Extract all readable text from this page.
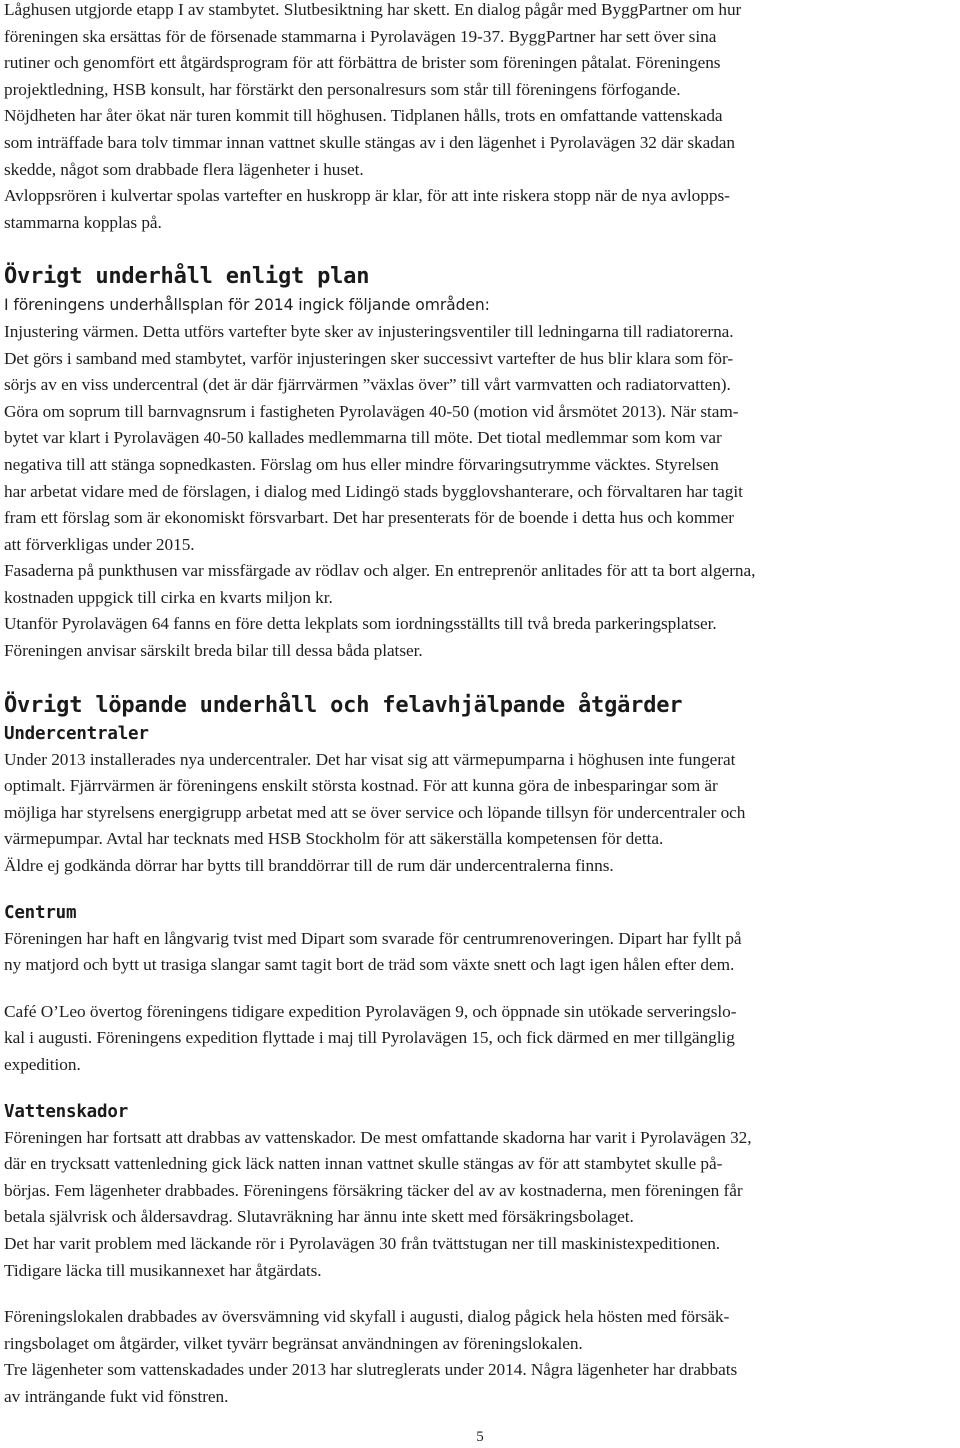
Låghusen utgjorde etapp I av stambytet. Slutbesiktning har skett. En dialog pågår med ByggPartner om hur
föreningen ska ersättas för de försenade stammarna i Pyrolavägen 19-37. ByggPartner har sett över sina
rutiner och genomfört ett åtgärdsprogram för att förbättra de brister som föreningen påtalat. Föreningens
projektledning, HSB konsult, har förstärkt den personalresurs som står till föreningens förfogande.
Nöjdheten har åter ökat när turen kommit till höghusen. Tidplanen hålls, trots en omfattande vattenskada
som inträffade bara tolv timmar innan vattnet skulle stängas av i den lägenhet i Pyrolavägen 32 där skadan
skedde, något som drabbade flera lägenheter i huset.

Avloppsrören i kulvertar spolas vartefter en huskropp är klar, för att inte riskera stopp när de nya avlopps-
stammarna kopplas på.

Övrigt underhåll enligt plan

I föreningens underhållsplan för 2014 ingick följande områden:

Injustering värmen. Detta utförs vartefter byte sker av injusteringsventiler till ledningarna till radiatorerna.
Det görs i samband med stambytet, varför injusteringen sker successivt vartefter de hus blir klara som för-
sörjs av en viss undercentral (det är där fjärrvärmen ”växlas över” till vårt varmvatten och radiatorvatten).
Göra om soprum till barnvagnsrum i fastigheten Pyrolavägen 40-50 (motion vid årsmötet 2013). När stam-
bytet var klart i Pyrolavägen 40-50 kallades medlemmarna till möte. Det tiotal medlemmar som kom var
negativa till att stänga sopnedkasten. Förslag om hus eller mindre förvaringsutrymme väcktes. Styrelsen
har arbetat vidare med de förslagen, i dialog med Lidingö stads bygglovshanterare, och förvaltaren har tagit
fram ett förslag som är ekonomiskt försvarbart. Det har presenterats för de boende i detta hus och kommer
att förverkligas under 2015.

Fasaderna på punkthusen var missfärgade av rödlav och alger. En entreprenör anlitades för att ta bort algerna,
kostnaden uppgick till cirka en kvarts miljon kr.

Utanför Pyrolavägen 64 fanns en före detta lekplats som iordningsställts till två breda parkeringsplatser.
Föreningen anvisar särskilt breda bilar till dessa båda platser.

Övrigt löpande underhåll och felavhjälpande åtgärder
Undercentraler

Under 2013 installerades nya undercentraler. Det har visat sig att värmepumparna i höghusen inte fungerat
optimalt. Fjärrvärmen är föreningens enskilt största kostnad. För att kunna göra de inbesparingar som är
möjliga har styrelsens energigrupp arbetat med att se över service och löpande tillsyn för undercentraler och
värmepumpar. Avtal har tecknats med HSB Stockholm för att säkerställa kompetensen för detta.

Äldre ej godkända dörrar har bytts till branddörrar till de rum där undercentralerna finns.

Centrum

Föreningen har haft en långvarig tvist med Dipart som svarade för centrumrenoveringen. Dipart har fyllt på
ny matjord och bytt ut trasiga slangar samt tagit bort de träd som växte snett och lagt igen hålen efter dem.

Café O’Leo övertog föreningens tidigare expedition Pyrolavägen 9, och öppnade sin utökade serveringslo-
kal i augusti. Föreningens expedition flyttade i maj till Pyrolavägen 15, och fick därmed en mer tillgänglig
expedition.

Vattenskador

Föreningen har fortsatt att drabbas av vattenskador. De mest omfattande skadorna har varit i Pyrolavägen 32,
där en trycksatt vattenledning gick läck natten innan vattnet skulle stängas av för att stambytet skulle på-
börjas. Fem lägenheter drabbades. Föreningens försäkring täcker del av av kostnaderna, men föreningen får
betala självrisk och åldersavdrag. Slutavräkning har ännu inte skett med försäkringsbolaget.

Det har varit problem med läckande rör i Pyrolavägen 30 från tvättstugan ner till maskinistexpeditionen.
Tidigare läcka till musikannexet har åtgärdats.

Föreningslokalen drabbades av översvämning vid skyfall i augusti, dialog pågick hela hösten med försäk-
ringsbolaget om åtgärder, vilket tyvärr begränsat användningen av föreningslokalen.

Tre lägenheter som vattenskadades under 2013 har slutreglerats under 2014. Några lägenheter har drabbats
av inträngande fukt vid fönstren.

5
